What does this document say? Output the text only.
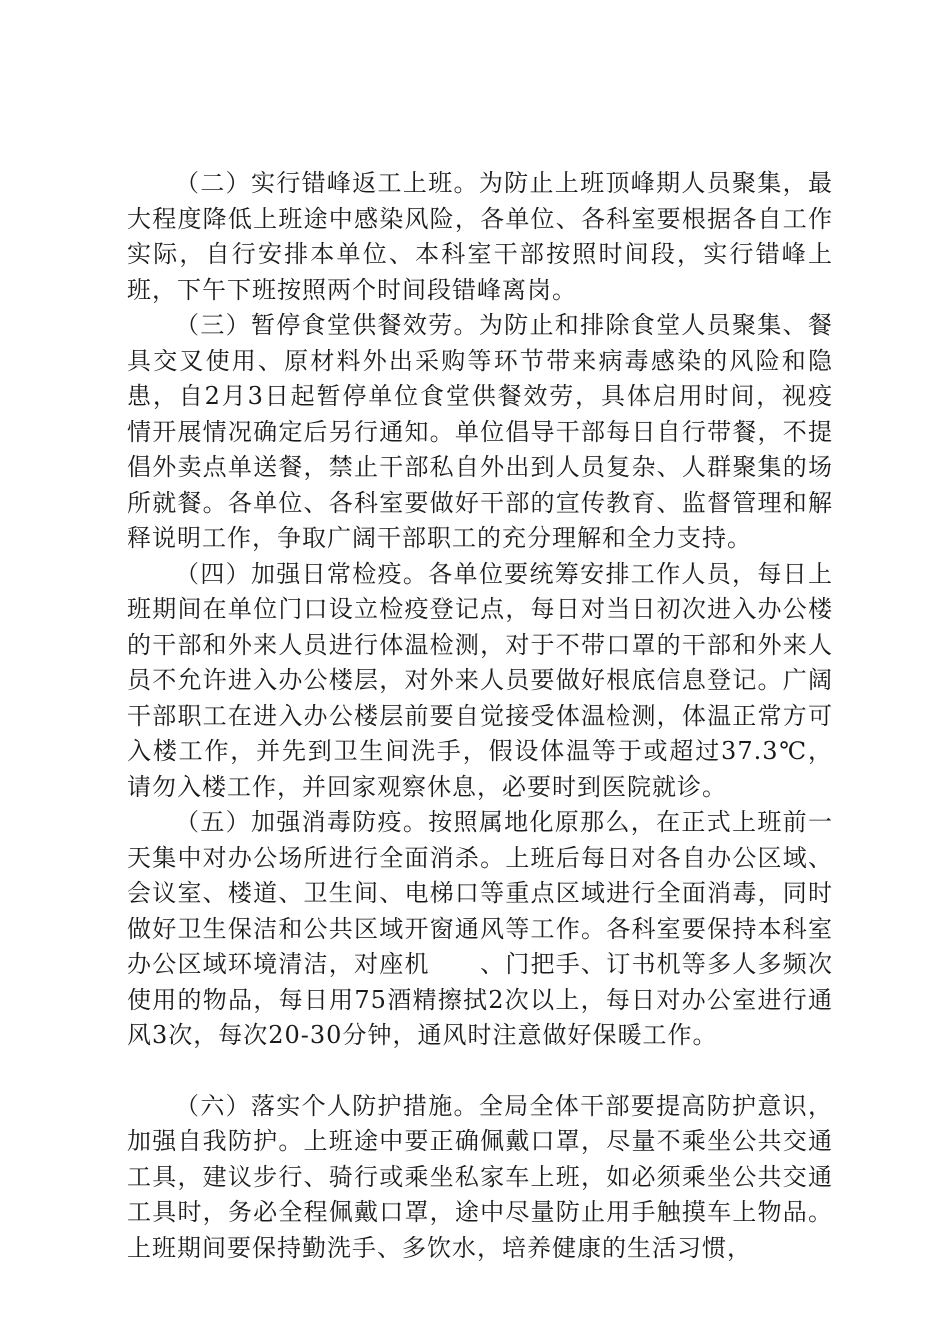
（二）实行错峰返工上班。为防止上班顶峰期人员聚集，最大程度降低上班途中感染风险，各单位、各科室要根据各自工作实际，自行安排本单位、本科室干部按照时间段，实行错峰上班，下午下班按照两个时间段错峰离岗。

（三）暂停食堂供餐效劳。为防止和排除食堂人员聚集、餐具交叉使用、原材料外出采购等环节带来病毒感染的风险和隐患，自2月3日起暂停单位食堂供餐效劳，具体启用时间，视疫情开展情况确定后另行通知。单位倡导干部每日自行带餐，不提倡外卖点单送餐，禁止干部私自外出到人员复杂、人群聚集的场所就餐。各单位、各科室要做好干部的宣传教育、监督管理和解释说明工作，争取广阔干部职工的充分理解和全力支持。

（四）加强日常检疫。各单位要统筹安排工作人员，每日上班期间在单位门口设立检疫登记点，每日对当日初次进入办公楼的干部和外来人员进行体温检测，对于不带口罩的干部和外来人员不允许进入办公楼层，对外来人员要做好根底信息登记。广阔干部职工在进入办公楼层前要自觉接受体温检测，体温正常方可入楼工作，并先到卫生间洗手，假设体温等于或超过37.3℃，请勿入楼工作，并回家观察休息，必要时到医院就诊。

（五）加强消毒防疫。按照属地化原那么，在正式上班前一天集中对办公场所进行全面消杀。上班后每日对各自办公区域、会议室、楼道、卫生间、电梯口等重点区域进行全面消毒，同时做好卫生保洁和公共区域开窗通风等工作。各科室要保持本科室办公区域环境清洁，对座机　　、门把手、订书机等多人多频次使用的物品，每日用75酒精擦拭2次以上，每日对办公室进行通风3次，每次20-30分钟，通风时注意做好保暖工作。

（六）落实个人防护措施。全局全体干部要提高防护意识，加强自我防护。上班途中要正确佩戴口罩，尽量不乘坐公共交通工具，建议步行、骑行或乘坐私家车上班，如必须乘坐公共交通工具时，务必全程佩戴口罩，途中尽量防止用手触摸车上物品。上班期间要保持勤洗手、多饮水，培养健康的生活习惯，
